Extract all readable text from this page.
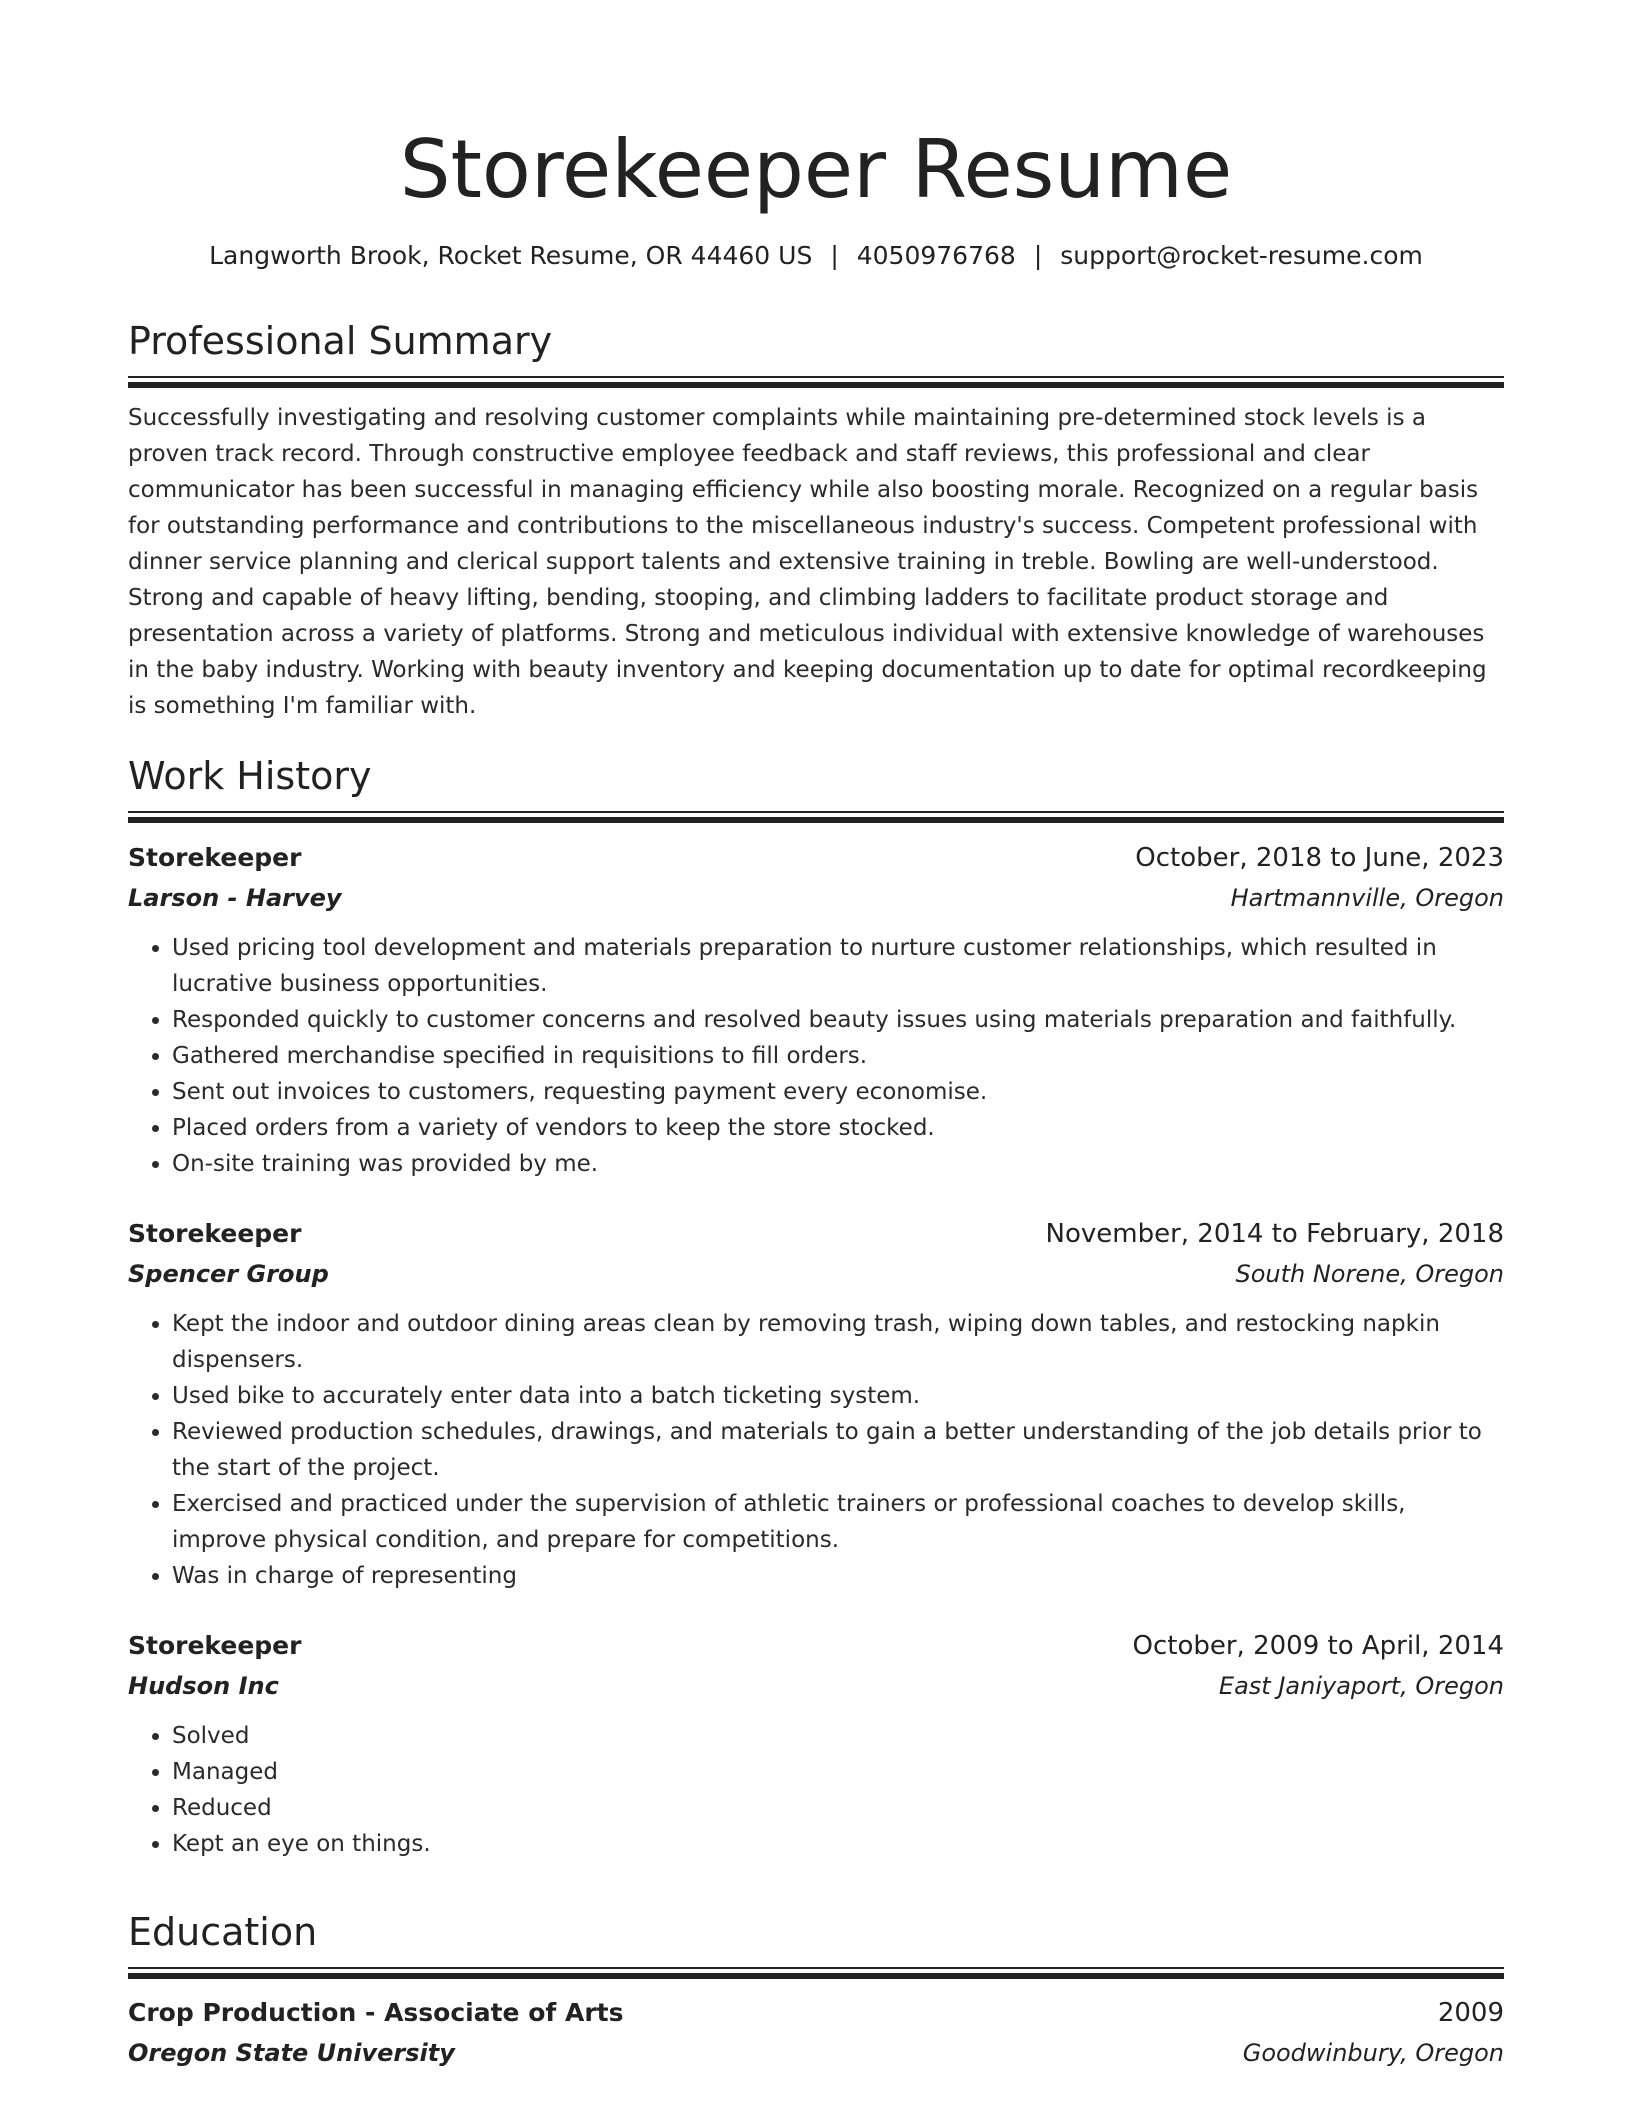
Storekeeper Resume
Langworth Brook, Rocket Resume, OR 44460 US | 4050976768 | support@rocket-resume.com
Professional Summary
Successfully investigating and resolving customer complaints while maintaining pre-determined stock levels is a proven track record. Through constructive employee feedback and staff reviews, this professional and clear communicator has been successful in managing efficiency while also boosting morale. Recognized on a regular basis for outstanding performance and contributions to the miscellaneous industry's success. Competent professional with dinner service planning and clerical support talents and extensive training in treble. Bowling are well-understood. Strong and capable of heavy lifting, bending, stooping, and climbing ladders to facilitate product storage and presentation across a variety of platforms. Strong and meticulous individual with extensive knowledge of warehouses in the baby industry. Working with beauty inventory and keeping documentation up to date for optimal recordkeeping is something I'm familiar with.
Work History
Storekeeper	October, 2018 to June, 2023
Larson - Harvey	Hartmannville, Oregon
• Used pricing tool development and materials preparation to nurture customer relationships, which resulted in lucrative business opportunities.
• Responded quickly to customer concerns and resolved beauty issues using materials preparation and faithfully.
• Gathered merchandise specified in requisitions to fill orders.
• Sent out invoices to customers, requesting payment every economise.
• Placed orders from a variety of vendors to keep the store stocked.
• On-site training was provided by me.
Storekeeper	November, 2014 to February, 2018
Spencer Group	South Norene, Oregon
• Kept the indoor and outdoor dining areas clean by removing trash, wiping down tables, and restocking napkin dispensers.
• Used bike to accurately enter data into a batch ticketing system.
• Reviewed production schedules, drawings, and materials to gain a better understanding of the job details prior to the start of the project.
• Exercised and practiced under the supervision of athletic trainers or professional coaches to develop skills, improve physical condition, and prepare for competitions.
• Was in charge of representing
Storekeeper	October, 2009 to April, 2014
Hudson Inc	East Janiyaport, Oregon
• Solved
• Managed
• Reduced
• Kept an eye on things.
Education
Crop Production - Associate of Arts	2009
Oregon State University	Goodwinbury, Oregon
